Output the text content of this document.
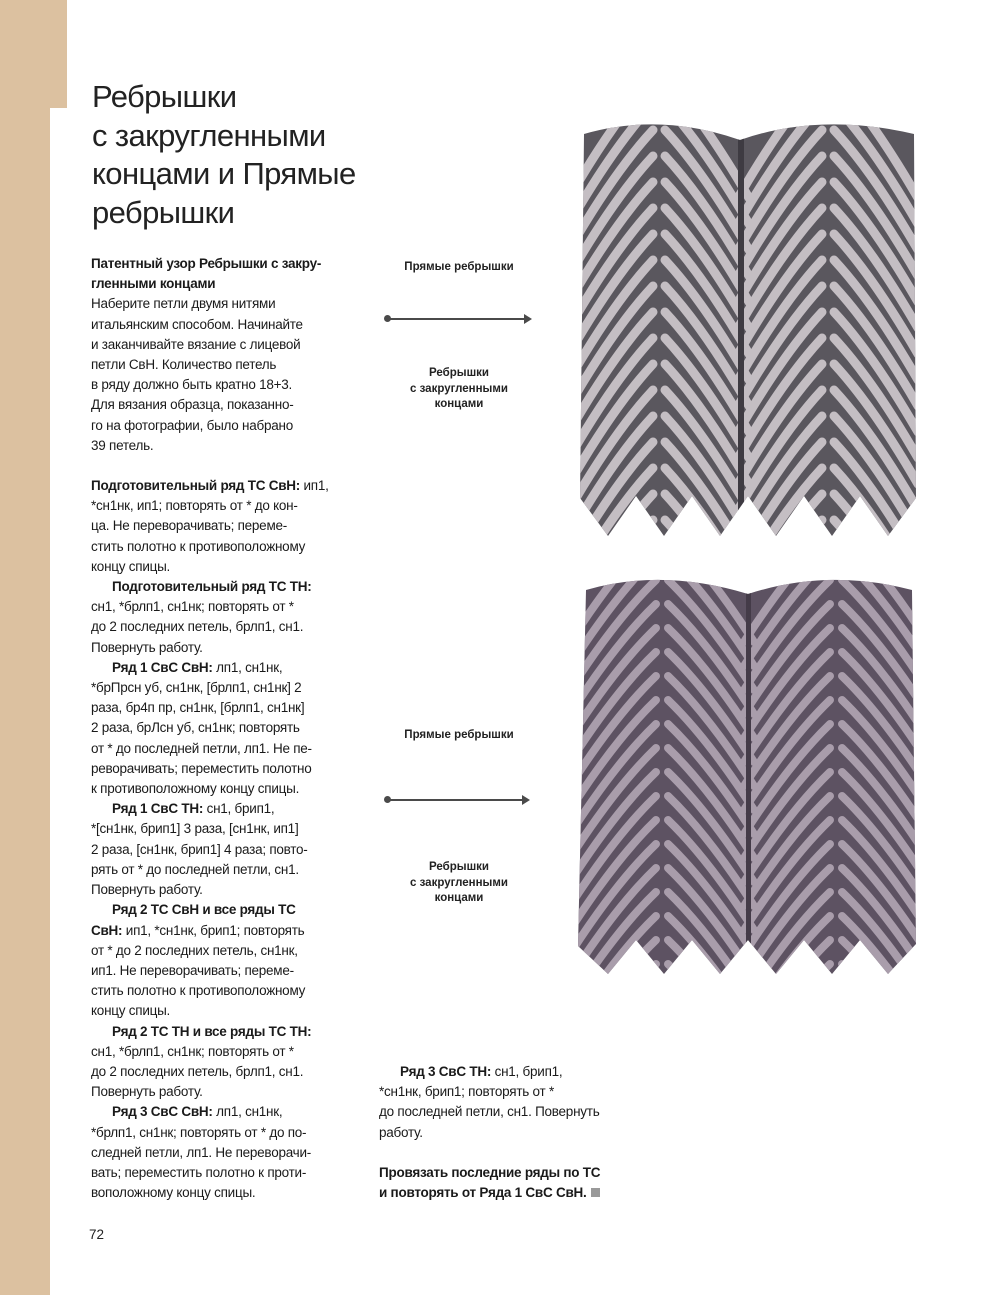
Ребрышки
с закругленными
концами и Прямые
ребрышки

Патентный узор Ребрышки с закру-
гленными концами
Наберите петли двумя нитями
итальянским способом. Начинайте
и заканчивайте вязание с лицевой
петли СвН. Количество петель
в ряду должно быть кратно 18+3.
Для вязания образца, показанно-
го на фотографии, было набрано
39 петель.

Подготовительный ряд ТС СвН: ип1,
*сн1нк, ип1; повторять от * до кон-
ца. Не переворачивать; переме-
стить полотно к противоположному
концу спицы.

Подготовительный ряд ТС ТН:
сн1, *брлп1, сн1нк; повторять от *
до 2 последних петель, брлп1, сн1.
Повернуть работу.

Ряд 1 СвС СвН: лп1, сн1нк,
*брПрсн уб, сн1нк, [брлп1, сн1нк] 2
раза, бр4п пр, сн1нк, [брлп1, сн1нк]
2 раза, брЛсн уб, сн1нк; повторять
от * до последней петли, лп1. Не пе-
реворачивать; переместить полотно
к противоположному концу спицы.

Ряд 1 СвС ТН: сн1, брип1,
*[сн1нк, брип1] 3 раза, [сн1нк, ип1]
2 раза, [сн1нк, брип1] 4 раза; повто-
рять от * до последней петли, сн1.
Повернуть работу.

Ряд 2 ТС СвН и все ряды ТС
СвН: ип1, *сн1нк, брип1; повторять
от * до 2 последних петель, сн1нк,
ип1. Не переворачивать; переме-
стить полотно к противоположному
концу спицы.

Ряд 2 ТС ТН и все ряды ТС ТН:
сн1, *брлп1, сн1нк; повторять от *
до 2 последних петель, брлп1, сн1.
Повернуть работу.

Ряд 3 СвС СвН: лп1, сн1нк,
*брлп1, сн1нк; повторять от * до по-
следней петли, лп1. Не переворачи-
вать; переместить полотно к проти-
воположному концу спицы.

Ряд 3 СвС ТН: сн1, брип1,
*сн1нк, брип1; повторять от *
до последней петли, сн1. Повернуть
работу.

Провязать последние ряды по ТС
и повторять от Ряда 1 СвС СвН.

72
Прямые ребрышки
Ребрышки
с закругленными
концами
Прямые ребрышки
Ребрышки
с закругленными
концами
